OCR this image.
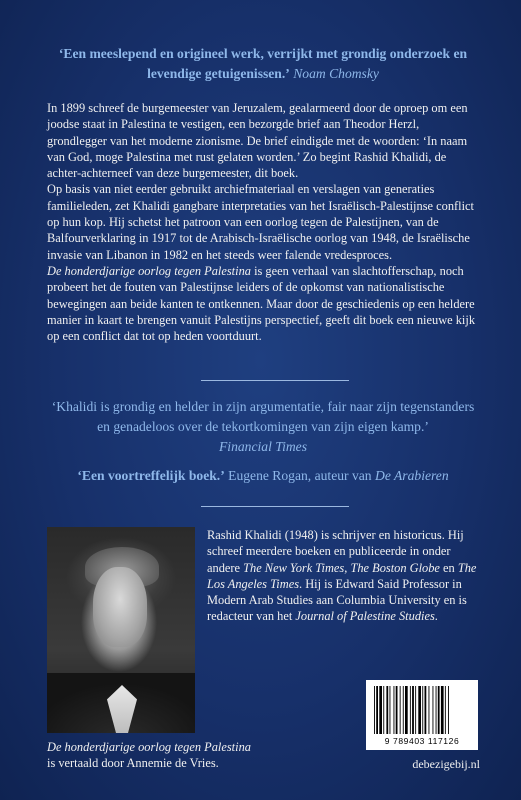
‘Een meeslepend en origineel werk, verrijkt met grondig onderzoek en levendige getuigenissen.’ Noam Chomsky

In 1899 schreef de burgemeester van Jeruzalem, gealarmeerd door de oproep om een joodse staat in Palestina te vestigen, een bezorgde brief aan Theodor Herzl, grondlegger van het moderne zionisme. De brief eindigde met de woorden: ‘In naam van God, moge Palestina met rust gelaten worden.’ Zo begint Rashid Khalidi, de achter-achterneef van deze burgemeester, dit boek.

Op basis van niet eerder gebruikt archiefmateriaal en verslagen van generaties familieleden, zet Khalidi gangbare interpretaties van het Israëlisch-Palestijnse conflict op hun kop. Hij schetst het patroon van een oorlog tegen de Palestijnen, van de Balfourverklaring in 1917 tot de Arabisch-Israëlische oorlog van 1948, de Israëlische invasie van Libanon in 1982 en het steeds weer falende vredesproces.

De honderdjarige oorlog tegen Palestina is geen verhaal van slachtofferschap, noch probeert het de fouten van Palestijnse leiders of de opkomst van nationalistische bewegingen aan beide kanten te ontkennen. Maar door de geschiedenis op een heldere manier in kaart te brengen vanuit Palestijns perspectief, geeft dit boek een nieuwe kijk op een conflict dat tot op heden voortduurt.

‘Khalidi is grondig en helder in zijn argumentatie, fair naar zijn tegenstanders en genadeloos over de tekortkomingen van zijn eigen kamp.’
Financial Times
‘Een voortreffelijk boek.’ Eugene Rogan, auteur van De Arabieren
Rashid Khalidi (1948) is schrijver en historicus. Hij schreef meerdere boeken en publiceerde in onder andere The New York Times, The Boston Globe en The Los Angeles Times. Hij is Edward Said Professor in Modern Arab Studies aan Columbia University en is redacteur van het Journal of Palestine Studies.
De honderdjarige oorlog tegen Palestina
is vertaald door Annemie de Vries.
9 789403 117126
debezigebij.nl
